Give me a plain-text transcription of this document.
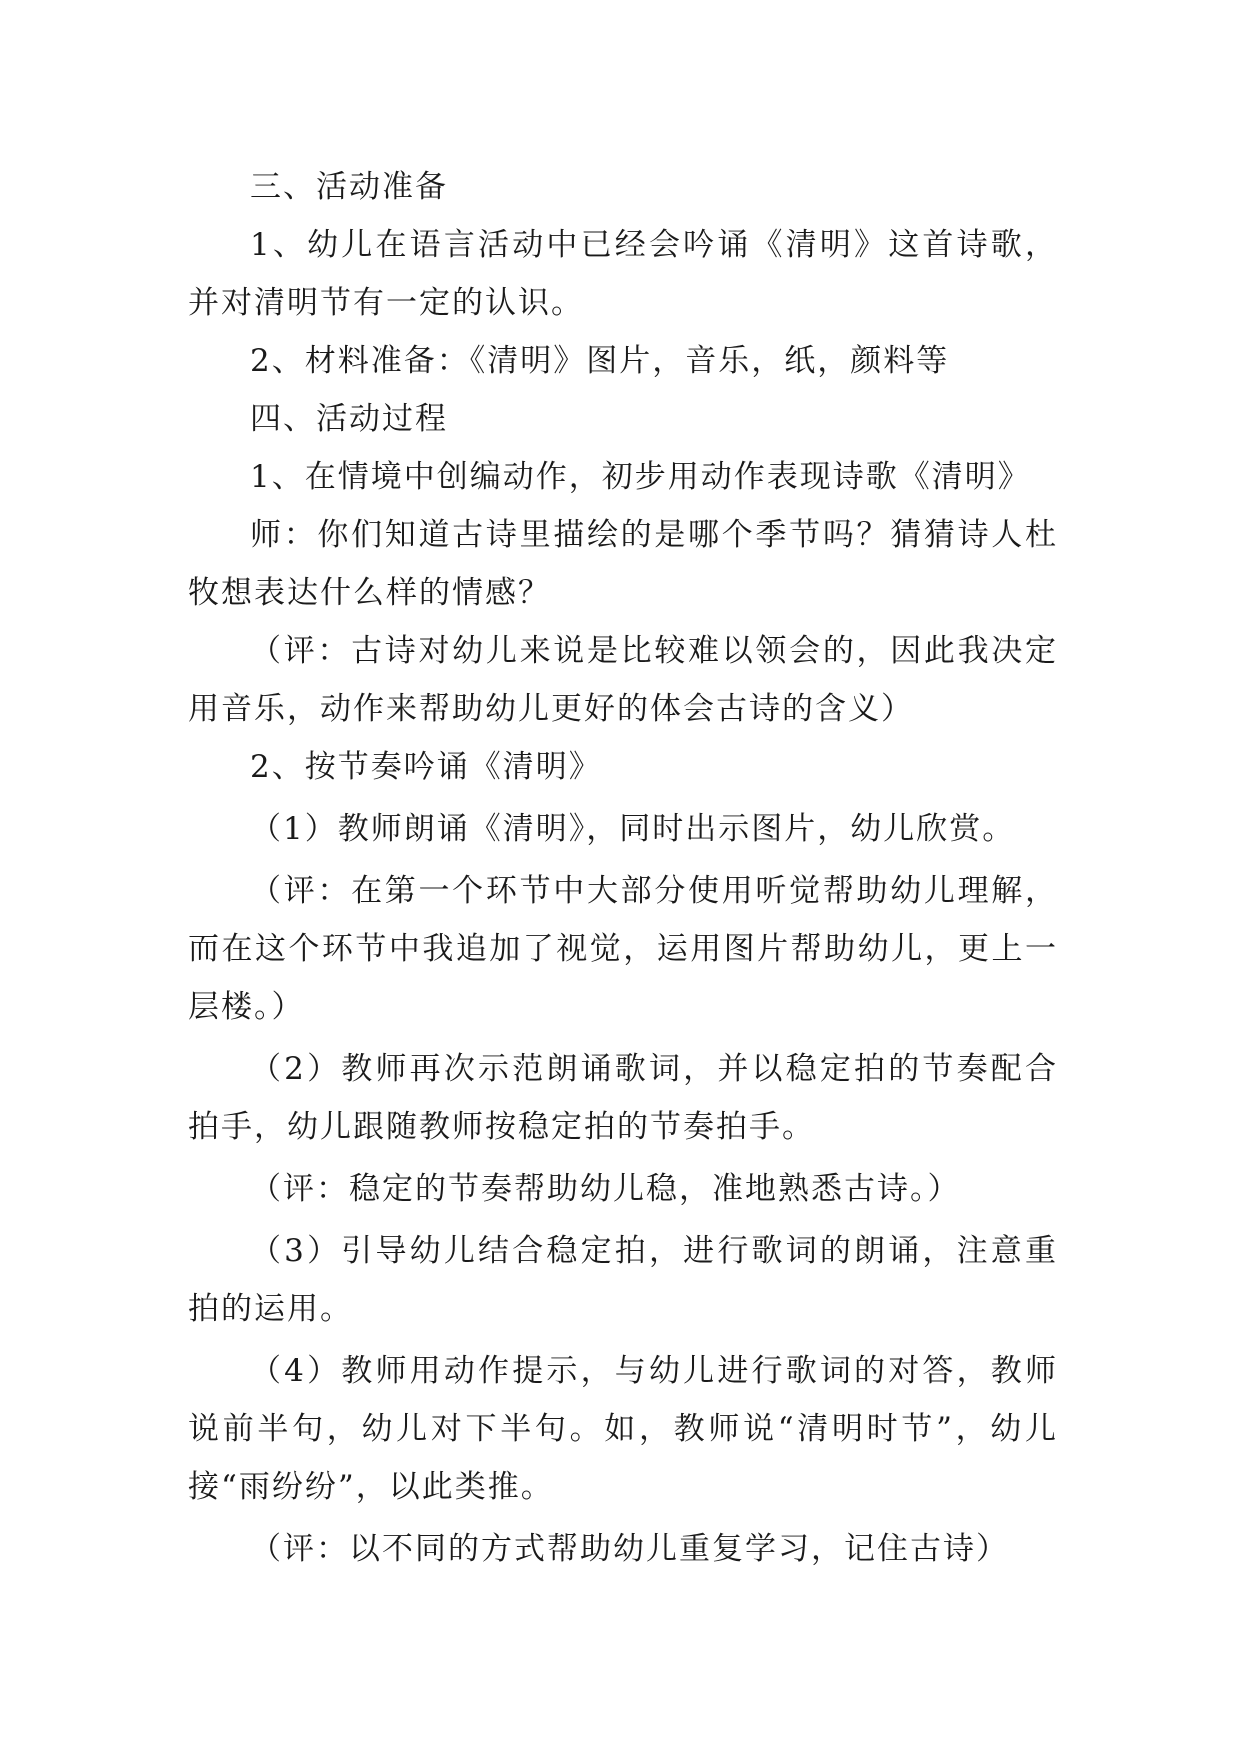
三、活动准备

1、幼儿在语言活动中已经会吟诵《清明》这首诗歌，并对清明节有一定的认识。

2、材料准备：《清明》图片，音乐，纸，颜料等

四、活动过程

1、在情境中创编动作，初步用动作表现诗歌《清明》

师：你们知道古诗里描绘的是哪个季节吗？猜猜诗人杜牧想表达什么样的情感？

（评：古诗对幼儿来说是比较难以领会的，因此我决定用音乐，动作来帮助幼儿更好的体会古诗的含义）

2、按节奏吟诵《清明》

（1）教师朗诵《清明》，同时出示图片，幼儿欣赏。

（评：在第一个环节中大部分使用听觉帮助幼儿理解，而在这个环节中我追加了视觉，运用图片帮助幼儿，更上一层楼。）

（2）教师再次示范朗诵歌词，并以稳定拍的节奏配合拍手，幼儿跟随教师按稳定拍的节奏拍手。

（评：稳定的节奏帮助幼儿稳，准地熟悉古诗。）

（3）引导幼儿结合稳定拍，进行歌词的朗诵，注意重拍的运用。

（4）教师用动作提示，与幼儿进行歌词的对答，教师说前半句，幼儿对下半句。如，教师说“清明时节”，幼儿接“雨纷纷”，以此类推。

（评：以不同的方式帮助幼儿重复学习，记住古诗）
